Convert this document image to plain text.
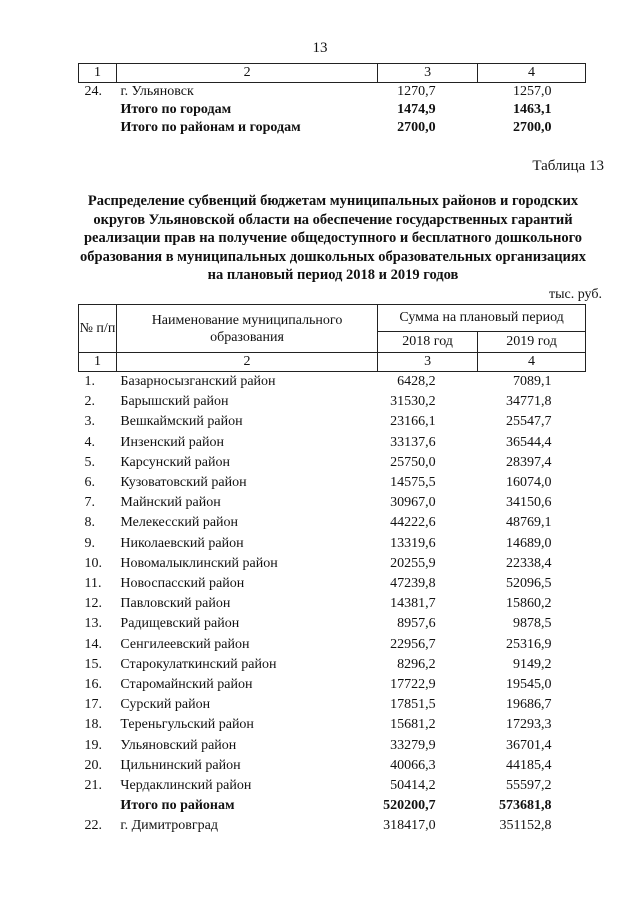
13
1	2	3	4
24.	г. Ульяновск	1270,7	1257,0
	Итого по городам	1474,9	1463,1
	Итого по районам и городам	2700,0	2700,0
Таблица 13
Распределение субвенций бюджетам муниципальных районов и городских округов Ульяновской области на обеспечение государственных гарантий реализации прав на получение общедоступного и бесплатного дошкольного образования в муниципальных дошкольных образовательных организациях на плановый период 2018 и 2019 годов
тыс. руб.
№ п/п	Наименование муниципального образования	Сумма на плановый период	
		2018 год	2019 год
1	2	3	4
1.	Базарносызганский район	6428,2	7089,1
2.	Барышский район	31530,2	34771,8
3.	Вешкаймский район	23166,1	25547,7
4.	Инзенский район	33137,6	36544,4
5.	Карсунский район	25750,0	28397,4
6.	Кузоватовский район	14575,5	16074,0
7.	Майнский район	30967,0	34150,6
8.	Мелекесский район	44222,6	48769,1
9.	Николаевский район	13319,6	14689,0
10.	Новомалыклинский район	20255,9	22338,4
11.	Новоспасский район	47239,8	52096,5
12.	Павловский район	14381,7	15860,2
13.	Радищевский район	8957,6	9878,5
14.	Сенгилеевский район	22956,7	25316,9
15.	Старокулаткинский район	8296,2	9149,2
16.	Старомайнский район	17722,9	19545,0
17.	Сурский район	17851,5	19686,7
18.	Тереньгульский район	15681,2	17293,3
19.	Ульяновский район	33279,9	36701,4
20.	Цильнинский район	40066,3	44185,4
21.	Чердаклинский район	50414,2	55597,2
	Итого по районам	520200,7	573681,8
22.	г. Димитровград	318417,0	351152,8
